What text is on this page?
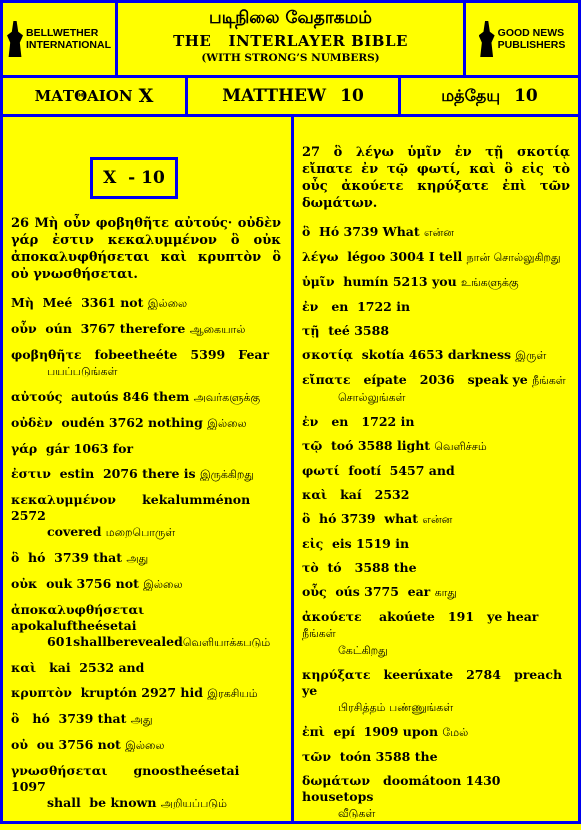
BELLWETHER
INTERNATIONAL
படிநிலை வேதாகமம்
THE   INTERLAYER BIBLE
(WITH STRONG’S NUMBERS)
GOOD NEWS
PUBLISHERS
ΜΑΤΘΑΙΟΝ X	MATTHEW 10	மத்தேயு 10
X  - 10
26 Μὴ οὖν φοβηθῆτε αὐτούς· οὐδὲν γάρ ἐστιν κεκαλυμμένον ὃ οὐκ ἀποκαλυφθήσεται καὶ κρυπτὸν ὃ οὐ γνωσθήσεται.
Μὴ  Meé  3361 not இல்லை
οὖν  oún  3767 therefore ஆகையால்
φοβηθῆτε   fobeetheéte   5399   Fear
பயப்படுங்கள்
αὐτούς  autoús 846 them அவர்களுக்கு
οὐδὲν  oudén 3762 nothing இல்லை
γάρ  gár 1063 for
ἐστιν  estin  2076 there is இருக்கிறது
κεκαλυμμένον      kekalumménon    2572
covered மறைபொருள்
ὃ  hó  3739 that அது
οὐκ  ouk 3756 not இல்லை
ἀποκαλυφθήσεται        apokaluftheésetai
601shallberevealedவெளியாக்கபடும்
καὶ   kai  2532 and
κρυπτὸν  kruptón 2927 hid இரகசியம்
ὃ   hó  3739 that அது
οὐ  ou 3756 not இல்லை
γνωσθήσεται      gnoostheésetai     1097
shall  be known அறியப்படும்
27 ὃ λέγω ὑμῖν ἐν τῇ σκοτίᾳ εἴπατε ἐν τῷ φωτί, καὶ ὃ εἰς τὸ οὖς ἀκούετε κηρύξατε ἐπὶ τῶν δωμάτων.
ὃ  Hó 3739 What என்ன
λέγω  légoo 3004 I tell நான் சொல்லுகிறது
ὑμῖν  humín 5213 you உங்களுக்கு
ἐν   en  1722 in
τῇ  teé 3588
σκοτίᾳ  skotía 4653 darkness இருள்
εἴπατε   eípate   2036   speak ye நீங்கள்
சொல்லுங்கள்
ἐν   en   1722 in
τῷ  toó 3588 light வெளிச்சம்
φωτί  footí  5457 and
καὶ   kaí   2532
ὃ  hó 3739  what என்ன
εἰς  eis 1519 in
τὸ  tó   3588 the
οὖς  oús 3775  ear காது
ἀκούετε    akoúete   191   ye hear நீங்கள்
கேட்கிறது
κηρύξατε   keerúxate   2784   preach ye
பிரசித்தம் பண்ணுங்கள்
ἐπὶ  epí  1909 upon மேல்
τῶν  toón 3588 the
δωμάτων   doomátoon 1430 housetops
வீடுகள்
